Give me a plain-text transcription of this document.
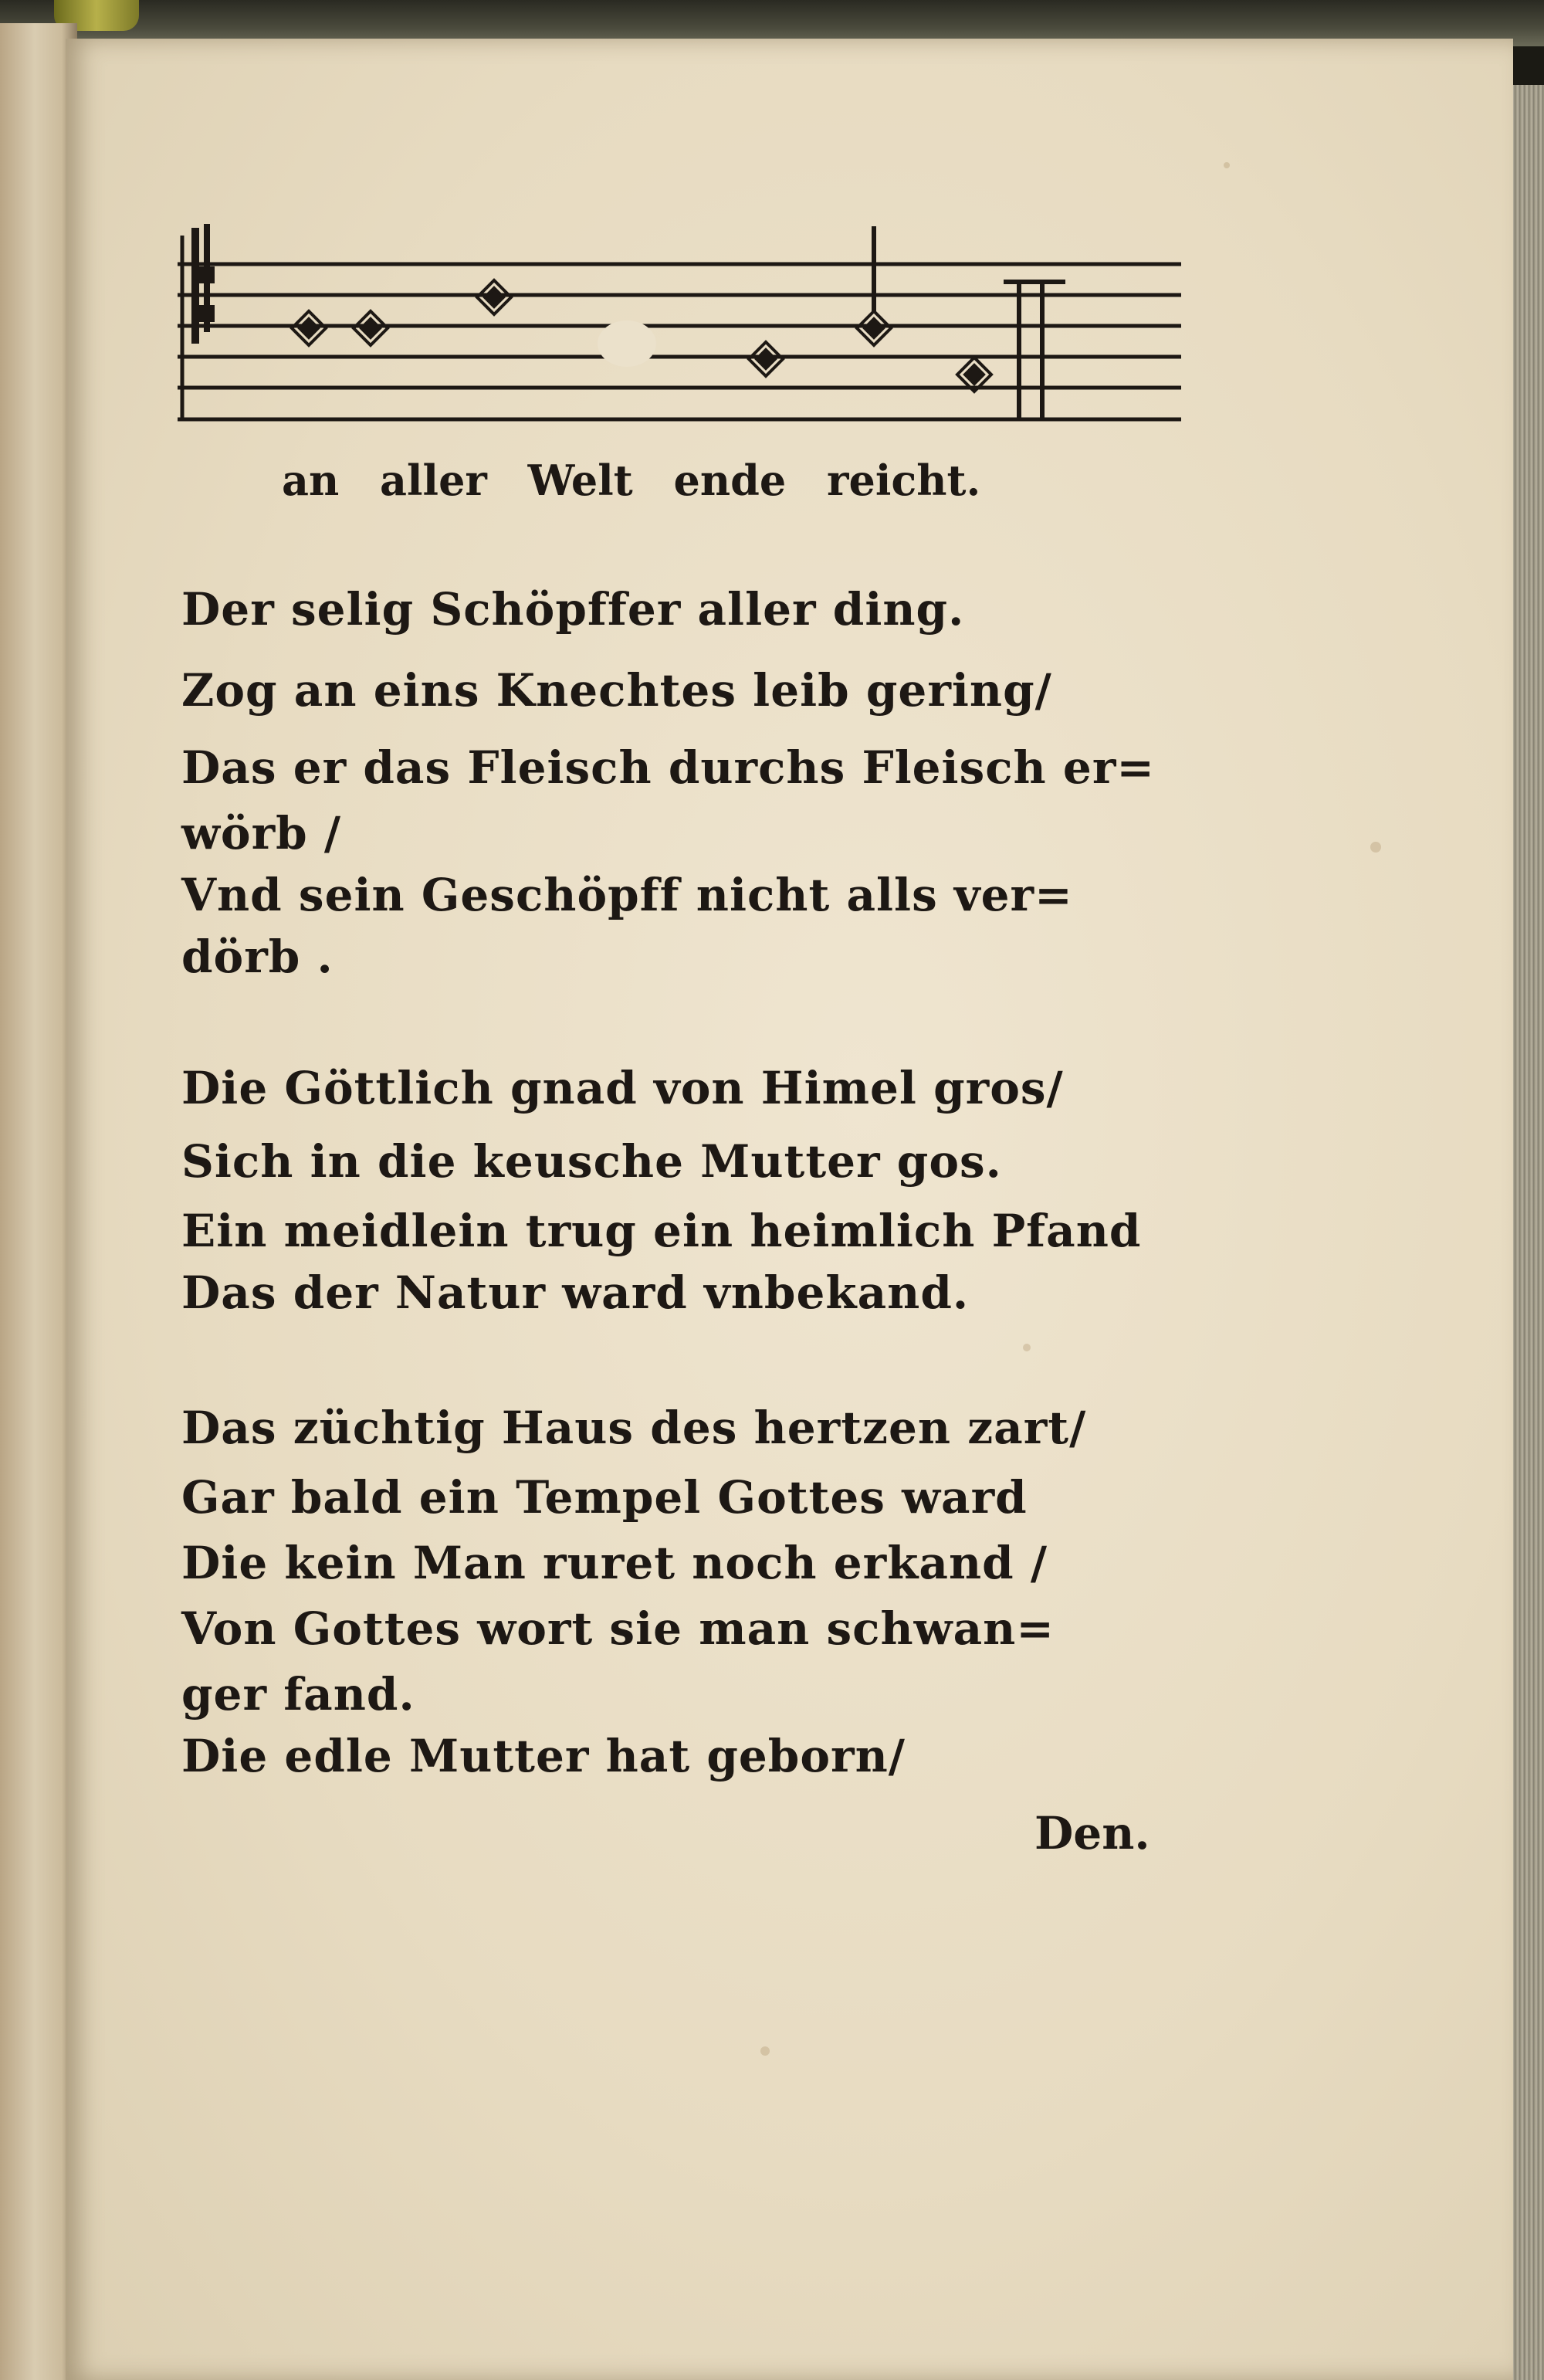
an aller Welt ende reicht.
Der selig Schöpffer aller ding.
Zog an eins Knechtes leib gering/
Das er das Fleisch durchs Fleisch er=
wörb /
Vnd sein Geschöpff nicht alls ver=
dörb .
Die Göttlich gnad von Himel gros/
Sich in die keusche Mutter gos.
Ein meidlein trug ein heimlich Pfand
Das der Natur ward vnbekand.
Das züchtig Haus des hertzen zart/
Gar bald ein Tempel Gottes ward
Die kein Man ruret noch erkand /
Von Gottes wort sie man schwan=
ger fand.
Die edle Mutter hat geborn/
Den.
